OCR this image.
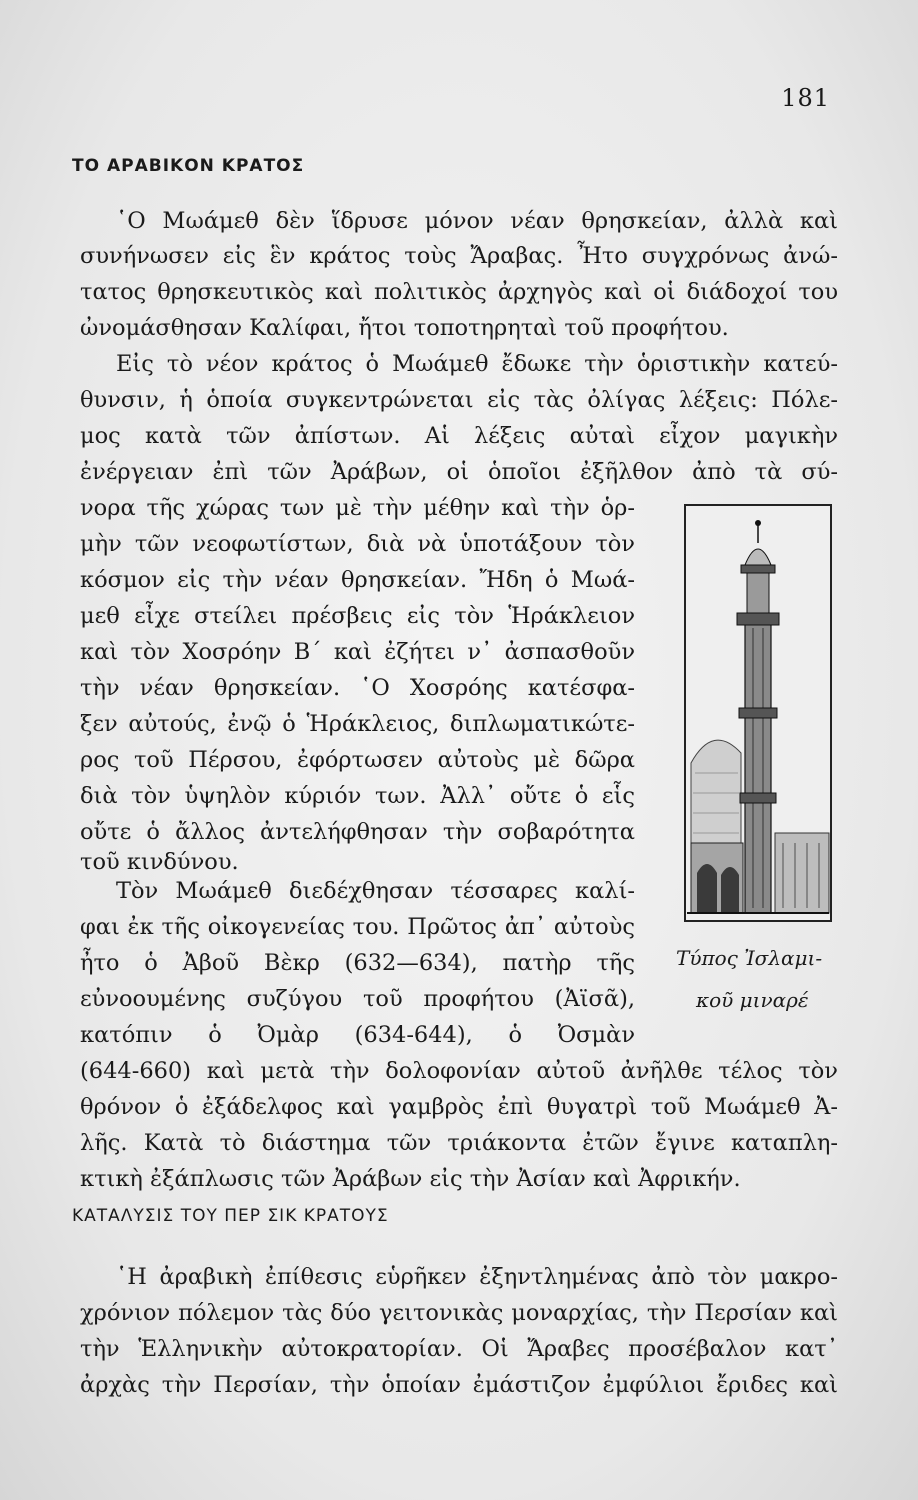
181
ΤΟ ΑΡΑΒΙΚΟΝ ΚΡΑΤΟΣ
῾Ο Μωάμεθ δὲν ἵδρυσε μόνον νέαν θρησκείαν, ἀλλὰ καὶ
συνήνωσεν εἰς ἓν κράτος τοὺς Ἄραβας. Ἦτο συγχρόνως ἀνώ-
τατος θρησκευτικὸς καὶ πολιτικὸς ἀρχηγὸς καὶ οἱ διάδοχοί του
ὠνομάσθησαν Καλίφαι, ἤτοι τοποτηρηταὶ τοῦ προφήτου.
Εἰς τὸ νέον κράτος ὁ Μωάμεθ ἔδωκε τὴν ὁριστικὴν κατεύ-
θυνσιν, ἡ ὁποία συγκεντρώνεται εἰς τὰς ὀλίγας λέξεις: Πόλε-
μος κατὰ τῶν ἀπίστων. Αἱ λέξεις αὐταὶ εἶχον μαγικὴν
ἐνέργειαν ἐπὶ τῶν Ἀράβων, οἱ ὁποῖοι ἐξῆλθον ἀπὸ τὰ σύ-
νορα τῆς χώρας των μὲ τὴν μέθην καὶ τὴν ὁρ-
μὴν τῶν νεοφωτίστων, διὰ νὰ ὑποτάξουν τὸν
κόσμον εἰς τὴν νέαν θρησκείαν. Ἤδη ὁ Μωά-
μεθ εἶχε στείλει πρέσβεις εἰς τὸν Ἡράκλειον
καὶ τὸν Χοσρόην Β΄ καὶ ἐζήτει ν᾽ ἀσπασθοῦν
τὴν νέαν θρησκείαν. ῾Ο Χοσρόης κατέσφα-
ξεν αὐτούς, ἐνῷ ὁ Ἡράκλειος, διπλωματικώτε-
ρος τοῦ Πέρσου, ἐφόρτωσεν αὐτοὺς μὲ δῶρα
διὰ τὸν ὑψηλὸν κύριόν των. Ἀλλ᾽ οὔτε ὁ εἷς
οὔτε ὁ ἄλλος ἀντελήφθησαν τὴν σοβαρότητα
τοῦ κινδύνου.
Τὸν Μωάμεθ διεδέχθησαν τέσσαρες καλί-
φαι ἐκ τῆς οἰκογενείας του. Πρῶτος ἀπ᾽ αὐτοὺς
ἦτο ὁ Ἀβοῦ Βὲκρ (632—634), πατὴρ τῆς
εὐνοουμένης συζύγου τοῦ προφήτου (Ἀϊσᾶ),
κατόπιν ὁ Ὀμὰρ (634-644), ὁ Ὀσμὰν
(644-660) καὶ μετὰ τὴν δολοφονίαν αὐτοῦ ἀνῆλθε τέλος τὸν
θρόνον ὁ ἐξάδελφος καὶ γαμβρὸς ἐπὶ θυγατρὶ τοῦ Μωάμεθ Ἀ-
λῆς. Κατὰ τὸ διάστημα τῶν τριάκοντα ἐτῶν ἔγινε καταπλη-
κτικὴ ἐξάπλωσις τῶν Ἀράβων εἰς τὴν Ἀσίαν καὶ Ἀφρικήν.
῾Η ἀραβικὴ ἐπίθεσις εὑρῆκεν ἐξηντλημένας ἀπὸ τὸν μακρο-
χρόνιον πόλεμον τὰς δύο γειτονικὰς μοναρχίας, τὴν Περσίαν καὶ
τὴν Ἑλληνικὴν αὐτοκρατορίαν. Οἱ Ἄραβες προσέβαλον κατ᾽
ἀρχὰς τὴν Περσίαν, τὴν ὁποίαν ἐμάστιζον ἐμφύλιοι ἔριδες καὶ
Τύπος Ἰσλαμι-
κοῦ μιναρέ
ΚΑΤΑΛΥΣΙΣ ΤΟΥ ΠΕΡ ΣΙΚ ΚΡΑΤΟΥΣ
